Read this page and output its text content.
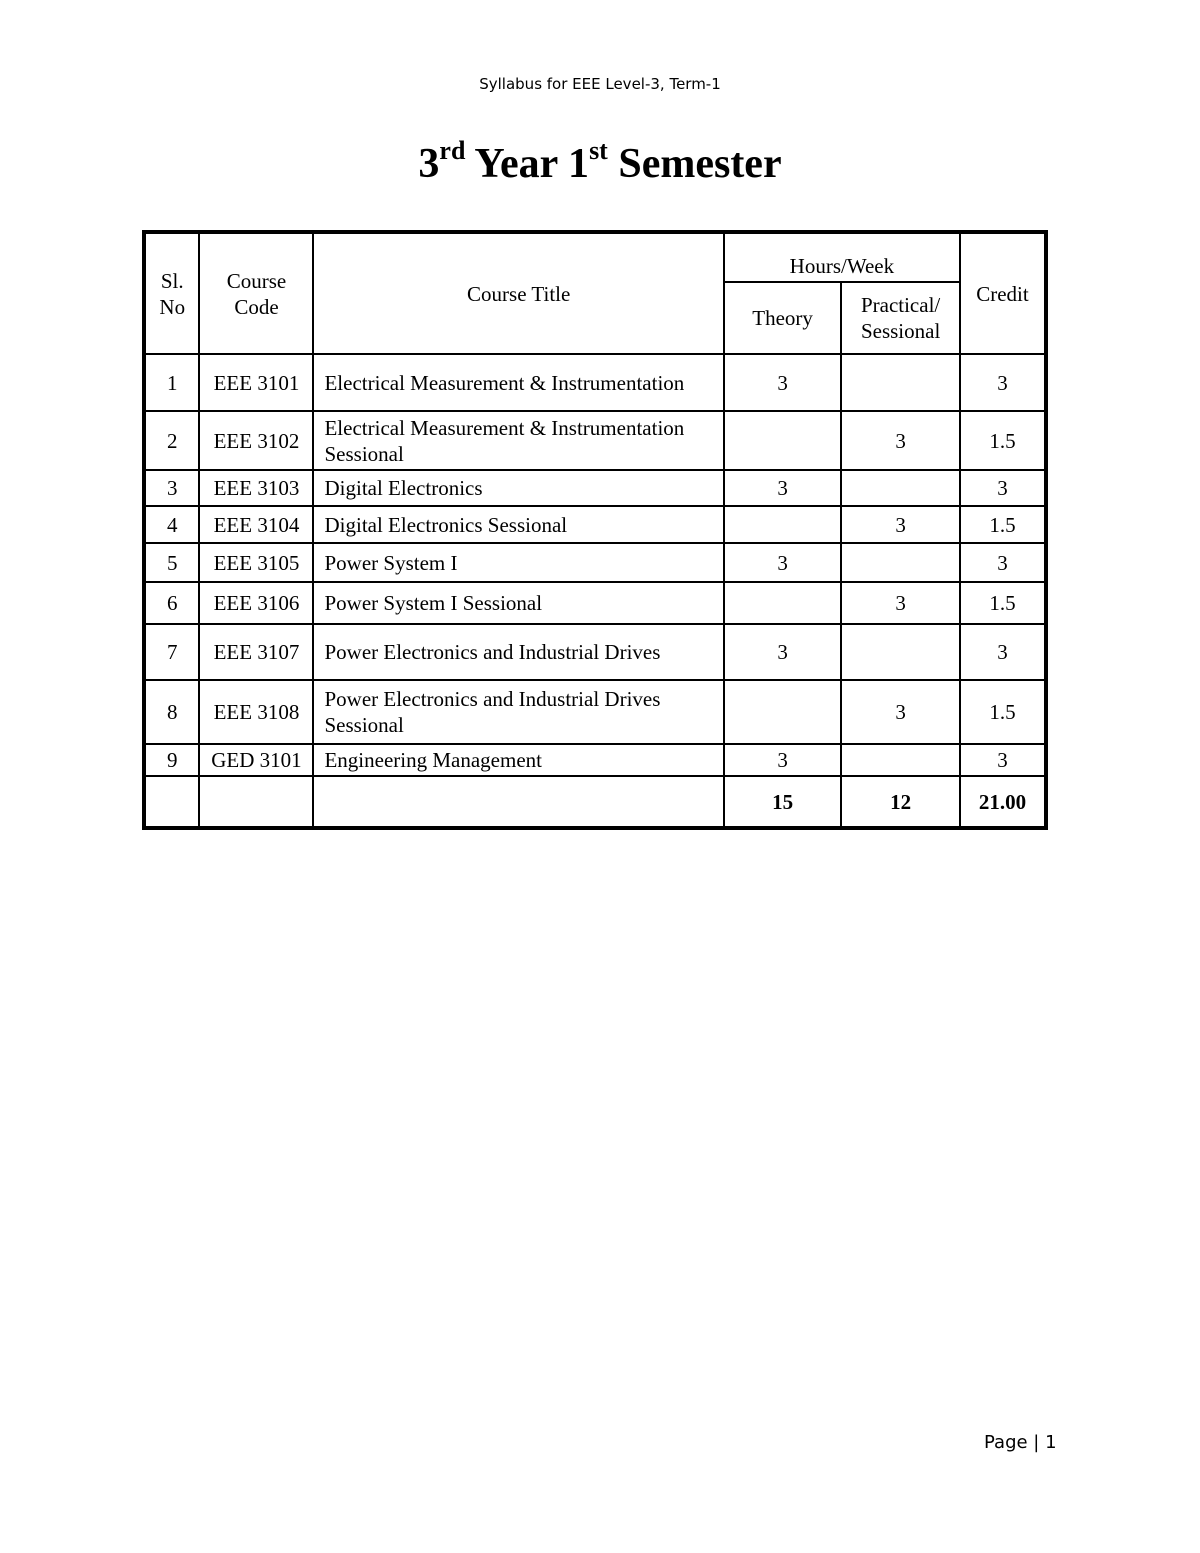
Syllabus for EEE Level-3, Term-1
3rd Year 1st Semester
Sl. No	Course Code	Course Title	Hours/Week		Credit
			Theory	Practical/ Sessional	
1	EEE 3101	Electrical Measurement & Instrumentation	3		3
2	EEE 3102	Electrical Measurement & Instrumentation Sessional		3	1.5
3	EEE 3103	Digital Electronics	3		3
4	EEE 3104	Digital Electronics Sessional		3	1.5
5	EEE 3105	Power System I	3		3
6	EEE 3106	Power System I Sessional		3	1.5
7	EEE 3107	Power Electronics and Industrial Drives	3		3
8	EEE 3108	Power Electronics and Industrial Drives Sessional		3	1.5
9	GED 3101	Engineering Management	3		3
			15	12	21.00
Page | 1
